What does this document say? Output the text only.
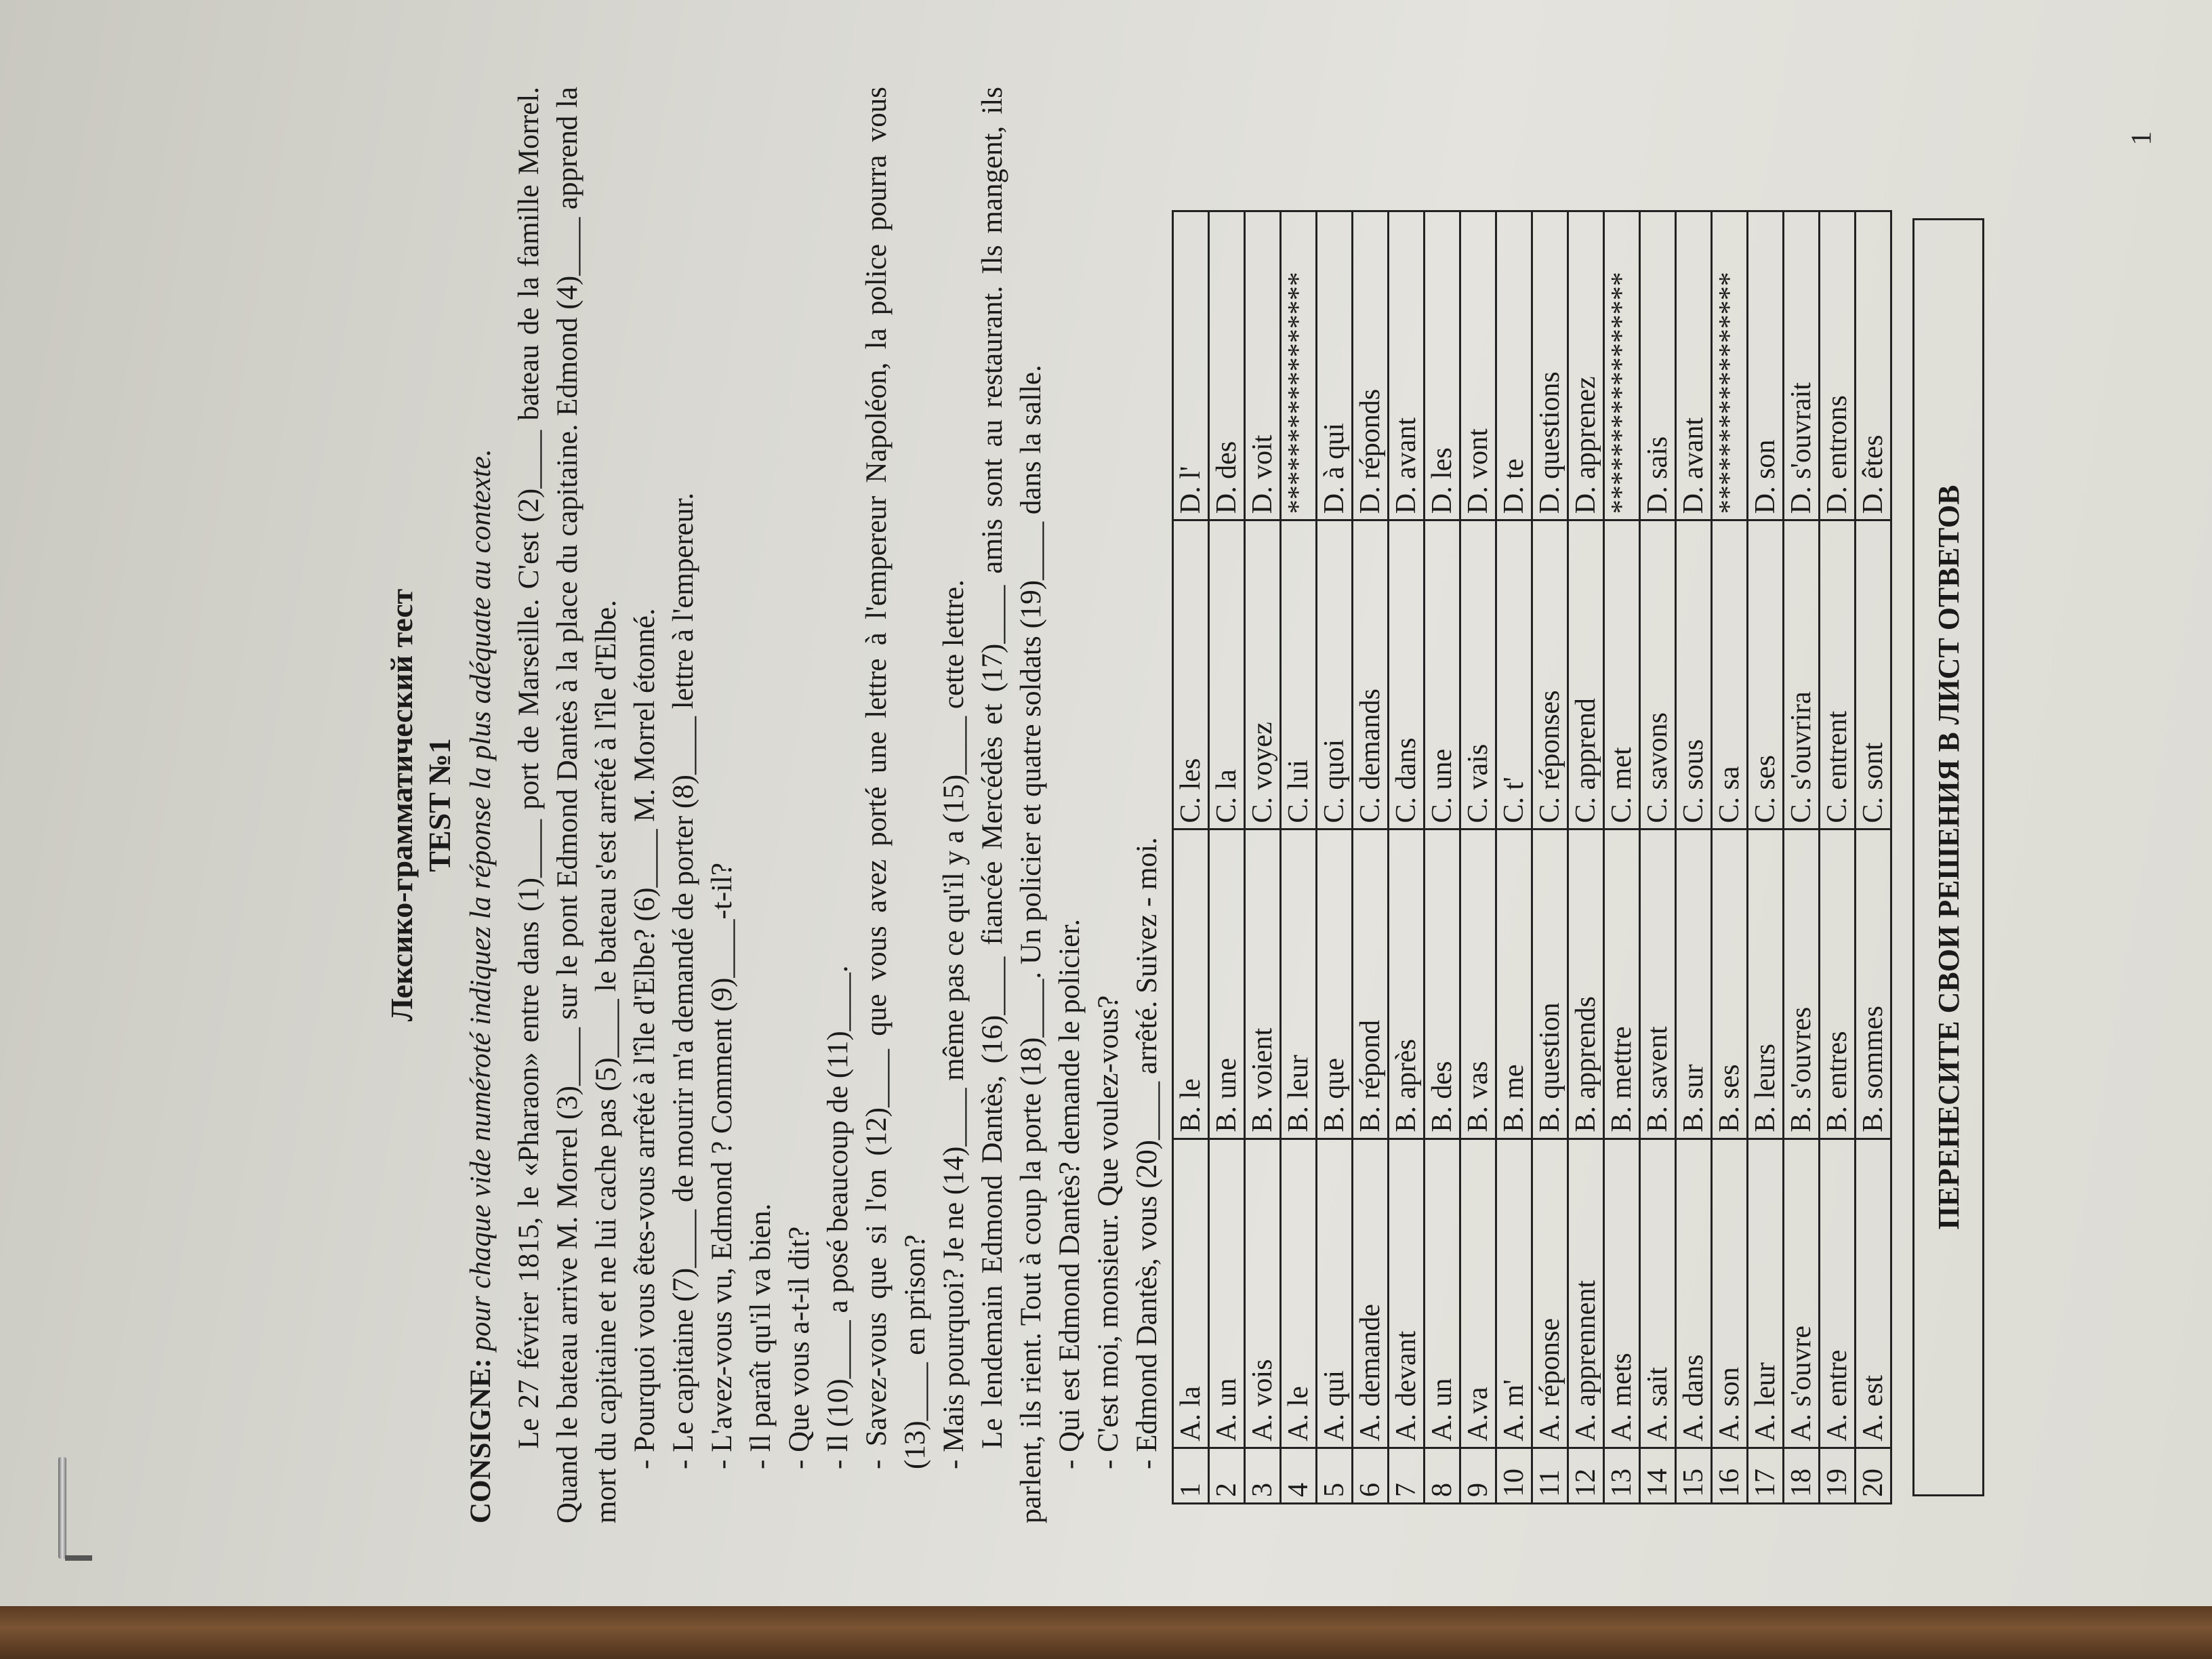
1
Лексико-грамматический тест TEST №1

CONSIGNE: pour chaque vide numéroté indiquez la réponse la plus adéquate au contexte. Le 27 février 1815, le «Pharaon» entre dans (1)____ port de Marseille. C'est (2)____ bateau de la famille Morrel. Quand le bateau arrive M. Morrel (3)____ sur le pont Edmond Dantès à la place du capitaine. Edmond (4)____ apprend la mort du capitaine et ne lui cache pas (5)____ le bateau s'est arrêté à l'île d'Elbe. - Pourquoi vous êtes-vous arrêté à l'île d'Elbe? (6)____ M. Morrel étonné. - Le capitaine (7)____ de mourir m'a demandé de porter (8)____ lettre à l'empereur. - L'avez-vous vu, Edmond ? Comment (9)____-t-il? - Il paraît qu'il va bien. - Que vous a-t-il dit? - Il (10)____ a posé beaucoup de (11)____. - Savez-vous que si l'on (12)____ que vous avez porté une lettre à l'empereur Napoléon, la police pourra vous (13)____ en prison? - Mais pourquoi? Je ne (14)____ même pas ce qu'il y a (15)____ cette lettre. Le lendemain Edmond Dantès, (16)____ fiancée Mercédès et (17)____ amis sont au restaurant. Ils mangent, ils parlent, ils rient. Tout à coup la porte (18)____. Un policier et quatre soldats (19)____ dans la salle. - Qui est Edmond Dantès? demande le policier. - C'est moi, monsieur. Que voulez-vous? - Edmond Dantès, vous (20)____ arrêté. Suivez - moi.

1	A. la	B. le	C. les	D. l'
2	A. un	B. une	C. la	D. des
3	A. vois	B. voient	C. voyez	D. voit
4	A. le	B. leur	C. lui	*****************
5	A. qui	B. que	C. quoi	D. à qui
6	A. demande	B. répond	C. demands	D. réponds
7	A. devant	B. après	C. dans	D. avant
8	A. un	B. des	C. une	D. les
9	A.va	B. vas	C. vais	D. vont
10	A. m'	B. me	C. t'	D. te
11	A. réponse	B. question	C. réponses	D. questions
12	A. apprennent	B. apprends	C. apprend	D. apprenez
13	A. mets	B. mettre	C. met	*****************
14	A. sait	B. savent	C. savons	D. sais
15	A. dans	B. sur	C. sous	D. avant
16	A. son	B. ses	C. sa	*****************
17	A. leur	B. leurs	C. ses	D. son
18	A. s'ouvre	B. s'ouvres	C. s'ouvrira	D. s'ouvrait
19	A. entre	B. entres	C. entrent	D. entrons
20	A. est	B. sommes	C. sont	D. êtes
ПЕРЕНЕСИТЕ СВОИ РЕШЕНИЯ В ЛИСТ ОТВЕТОВ
